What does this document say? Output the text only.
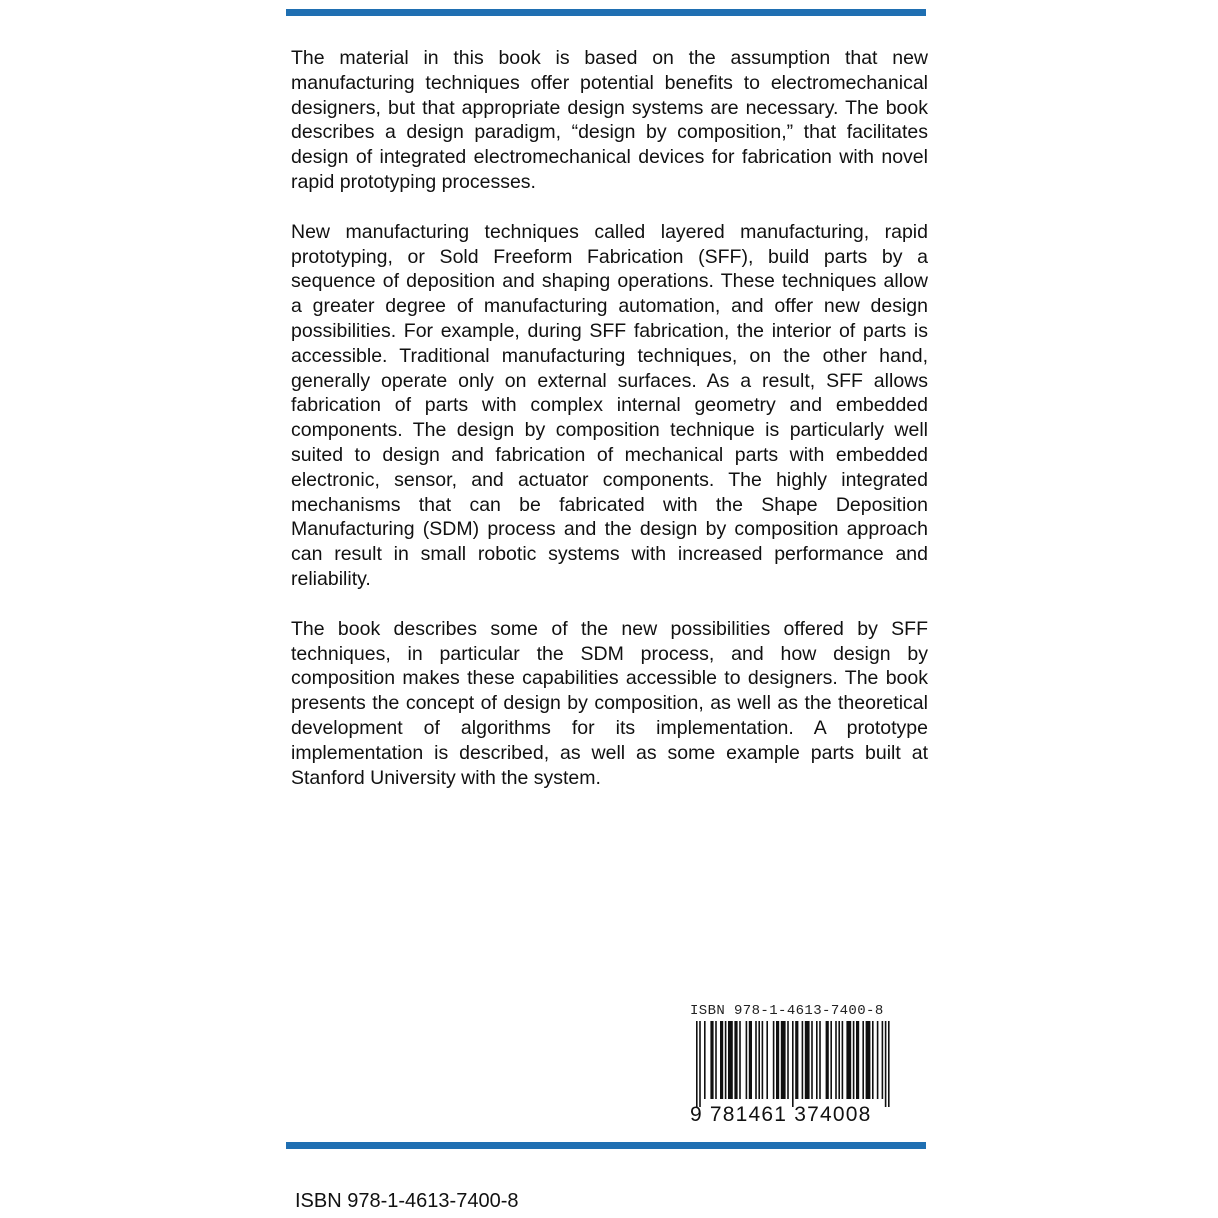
The material in this book is based on the assumption that new manufacturing techniques offer potential benefits to electromechanical designers, but that appropriate design systems are necessary. The book describes a design paradigm, “design by composition,” that facilitates design of integrated electromechanical devices for fabrication with novel rapid prototyping processes.

New manufacturing techniques called layered manufacturing, rapid prototyping, or Sold Freeform Fabrication (SFF), build parts by a sequence of deposition and shaping operations. These techniques allow a greater degree of manufacturing automation, and offer new design possibilities. For example, during SFF fabrication, the interior of parts is accessible. Traditional manufacturing techniques, on the other hand, generally operate only on external surfaces. As a result, SFF allows fabrication of parts with complex internal geometry and embedded components. The design by composition technique is particularly well suited to design and fabrication of mechanical parts with embedded electronic, sensor, and actuator components. The highly integrated mechanisms that can be fabricated with the Shape Deposition Manufacturing (SDM) process and the design by composition approach can result in small robotic systems with increased performance and reliability.

The book describes some of the new possibilities offered by SFF techniques, in particular the SDM process, and how design by composition makes these capabilities accessible to designers. The book presents the concept of design by composition, as well as the theoretical development of algorithms for its implementation. A prototype implementation is described, as well as some example parts built at Stanford University with the system.

ISBN 978-1-4613-7400-8
9 781461 374008
ISBN 978-1-4613-7400-8
